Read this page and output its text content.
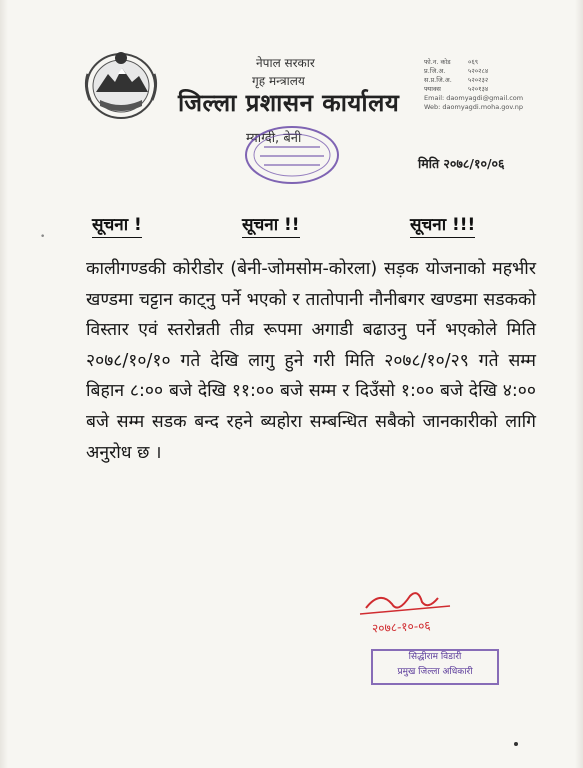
नेपाल सरकार
गृह मन्त्रालय
जिल्ला प्रशासन कार्यालय
म्याग्दी, बेनी
फो.न. कोड	०६९
प्र.जि.अ.	५२०२८४
स.प्र.जि.अ.	५२०२३२
फ्याक्स	५२०१३४
Email: daomyagdi@gmail.com
Web: daomyagdi.moha.gov.np
मिति २०७८/१०/०६
•
सूचना !	सूचना !!	सूचना !!!
कालीगण्डकी कोरीडोर (बेनी-जोमसोम-कोरला) सड़क योजनाको महभीर खण्डमा चट्टान काट्नु पर्ने भएको र तातोपानी नौनीबगर खण्डमा सडकको विस्तार एवं स्तरोन्नती तीव्र रूपमा अगाडी बढाउनु पर्ने भएकोले मिति २०७८/१०/१० गते देखि लागु हुने गरी मिति २०७८/१०/२९ गते सम्म बिहान ८:०० बजे देखि ११:०० बजे सम्म र दिउँसो १:०० बजे देखि ४:०० बजे सम्म सडक बन्द रहने ब्यहोरा सम्बन्धित सबैको जानकारीको लागि अनुरोध छ ।
२०७८-१०-०६
सिद्धीराम विडारी
प्रमुख जिल्ला अधिकारी
